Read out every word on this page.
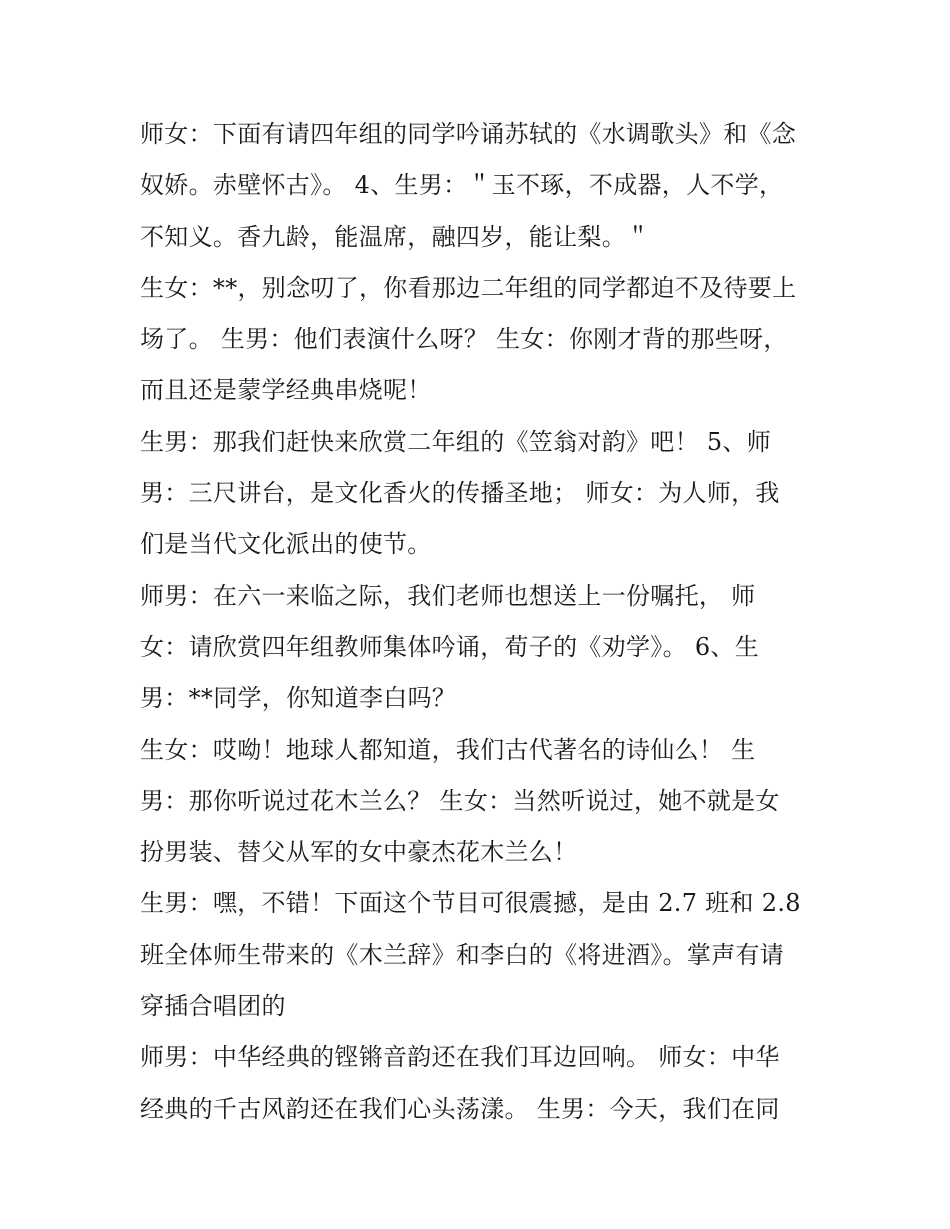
师女：下面有请四年组的同学吟诵苏轼的《水调歌头》和《念
奴娇。赤壁怀古》。 4、生男：＂玉不琢，不成器，人不学，
不知义。香九龄，能温席，融四岁，能让梨。＂
生女：**，别念叨了，你看那边二年组的同学都迫不及待要上
场了。 生男：他们表演什么呀？ 生女：你刚才背的那些呀，
而且还是蒙学经典串烧呢！
生男：那我们赶快来欣赏二年组的《笠翁对韵》吧！ 5、师
男：三尺讲台，是文化香火的传播圣地； 师女：为人师，我
们是当代文化派出的使节。
师男：在六一来临之际，我们老师也想送上一份嘱托， 师
女：请欣赏四年组教师集体吟诵，荀子的《劝学》。 6、生
男：**同学，你知道李白吗？
生女：哎呦！地球人都知道，我们古代著名的诗仙么！ 生
男：那你听说过花木兰么？ 生女：当然听说过，她不就是女
扮男装、替父从军的女中豪杰花木兰么！
生男：嘿，不错！下面这个节目可很震撼，是由 2.7 班和 2.8
班全体师生带来的《木兰辞》和李白的《将进酒》。掌声有请
穿插合唱团的
师男：中华经典的铿锵音韵还在我们耳边回响。 师女：中华
经典的千古风韵还在我们心头荡漾。 生男：今天，我们在同
